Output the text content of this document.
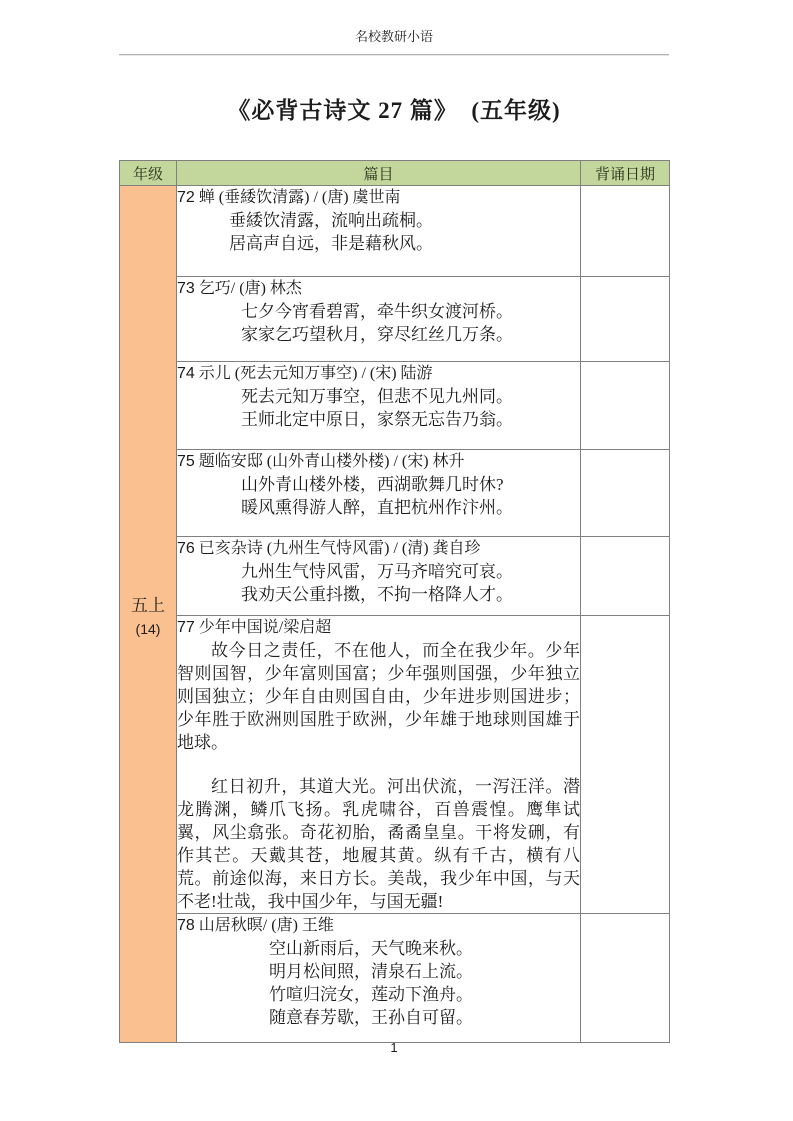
名校教研小语
《必背古诗文 27 篇》  (五年级)
年级	篇目	背诵日期

五上
(14)

72 蝉 (垂緌饮清露) / (唐) 虞世南
垂緌饮清露，流响出疏桐。
居高声自远，非是藉秋风。

	73 乞巧/ (唐) 林杰
七夕今宵看碧霄，牵牛织女渡河桥。
家家乞巧望秋月，穿尽红丝几万条。	

	74 示儿 (死去元知万事空) / (宋) 陆游
死去元知万事空，但悲不见九州同。
王师北定中原日，家祭无忘告乃翁。	

	75 题临安邸 (山外青山楼外楼) / (宋) 林升
山外青山楼外楼，西湖歌舞几时休?
暖风熏得游人醉，直把杭州作汴州。	

	76 已亥杂诗 (九州生气恃风雷) / (清) 龚自珍
九州生气恃风雷，万马齐喑究可哀。
我劝天公重抖擞，不拘一格降人才。	

	77 少年中国说/梁启超

故今日之责任，不在他人，而全在我少年。少年智则国智，少年富则国富；少年强则国强，少年独立则国独立；少年自由则国自由，少年进步则国进步；少年胜于欧洲则国胜于欧洲，少年雄于地球则国雄于地球。

红日初升，其道大光。河出伏流，一泻汪洋。潜龙腾渊，鳞爪飞扬。乳虎啸谷，百兽震惶。鹰隼试翼，风尘翕张。奇花初胎，矞矞皇皇。干将发硎，有作其芒。天戴其苍，地履其黄。纵有千古，横有八荒。前途似海，来日方长。美哉，我少年中国，与天不老!壮哉，我中国少年，与国无疆!	

	78 山居秋暝/ (唐) 王维
空山新雨后，天气晚来秋。
明月松间照，清泉石上流。
竹喧归浣女，莲动下渔舟。
随意春芳歇，王孙自可留。	

1
